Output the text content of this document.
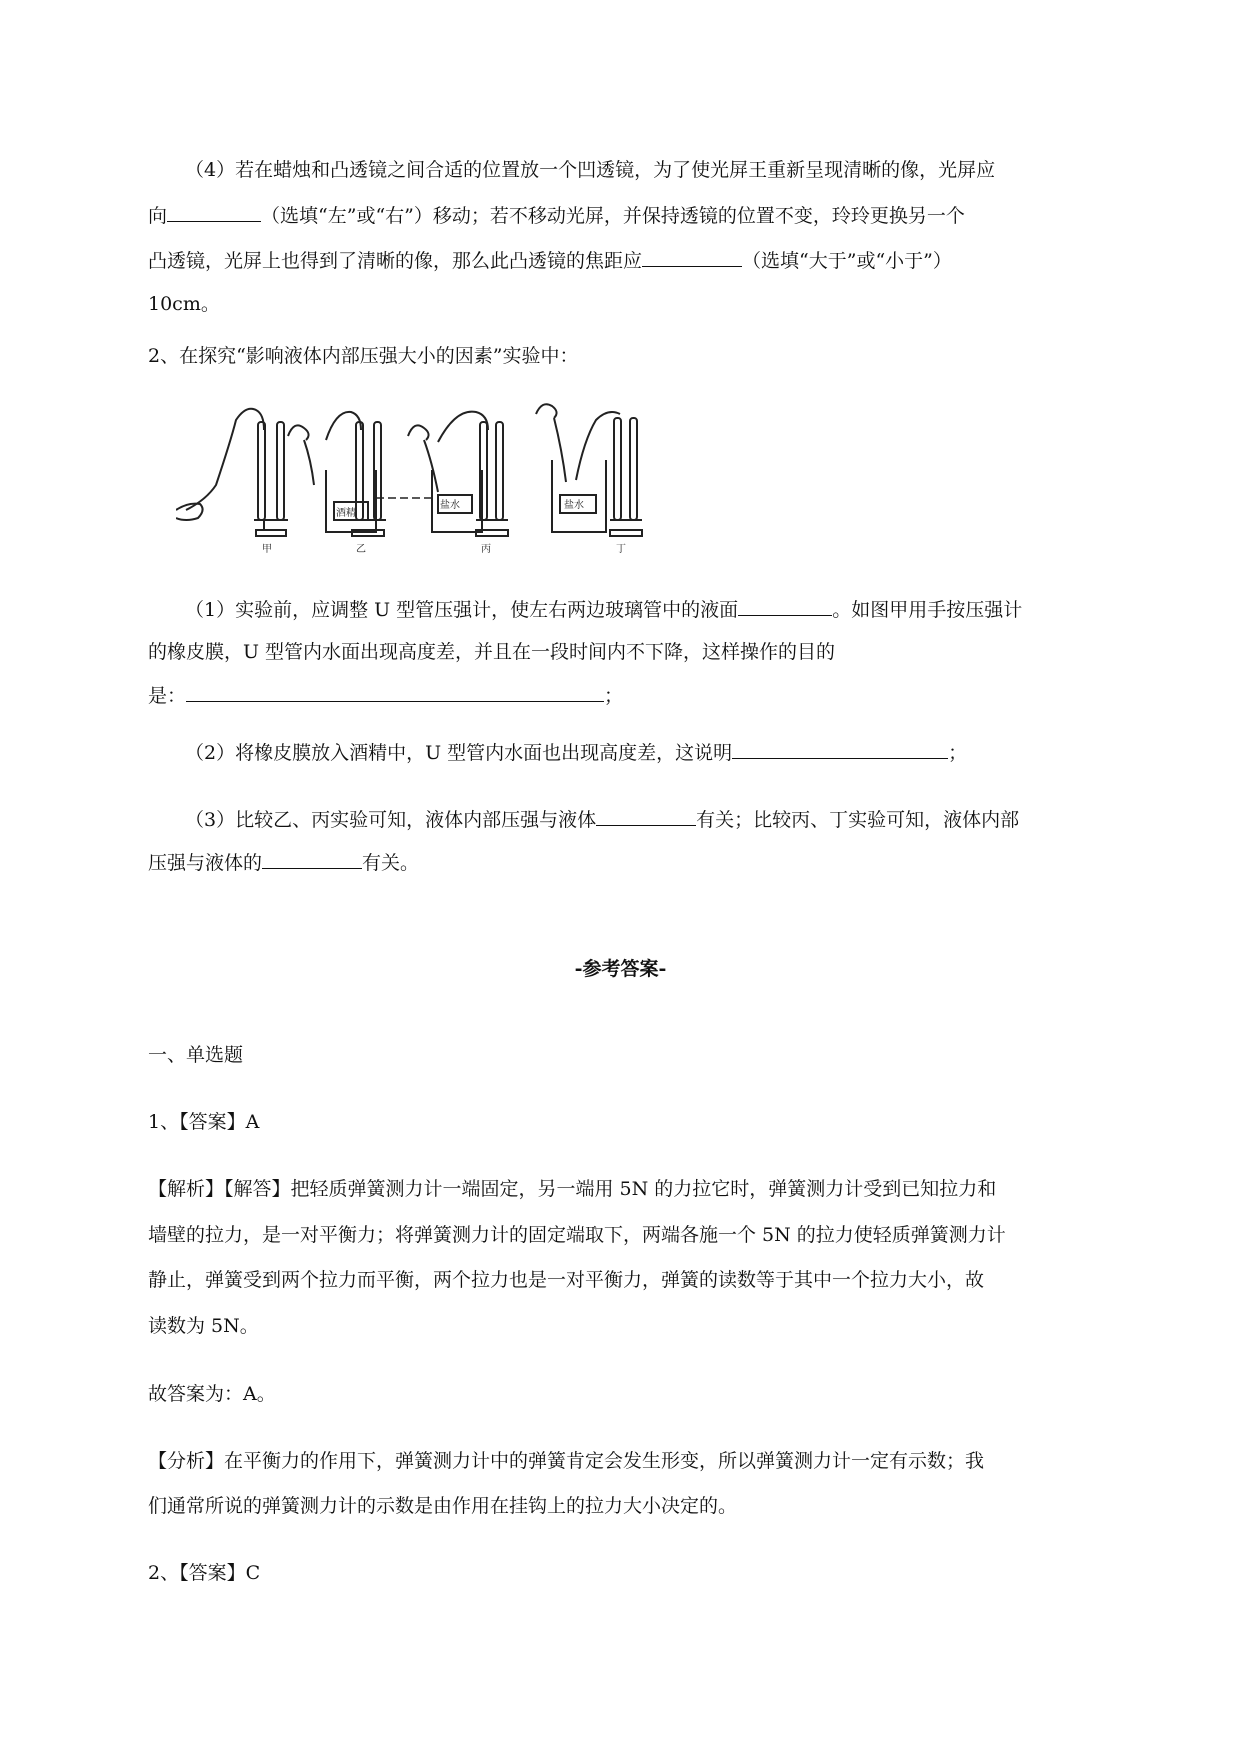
（4）若在蜡烛和凸透镜之间合适的位置放一个凹透镜，为了使光屏王重新呈现清晰的像，光屏应
向	（选填“左”或“右”）移动；若不移动光屏，并保持透镜的位置不变，玲玲更换另一个
凸透镜，光屏上也得到了清晰的像，那么此凸透镜的焦距应	（选填“大于”或“小于”）
10cm。
2、在探究“影响液体内部压强大小的因素”实验中：
酒精
盐水	盐水
甲	乙	丙	丁
（1）实验前，应调整 U 型管压强计，使左右两边玻璃管中的液面	。如图甲用手按压强计
的橡皮膜，U 型管内水面出现高度差，并且在一段时间内不下降，这样操作的目的
是：	；
（2）将橡皮膜放入酒精中，U 型管内水面也出现高度差，这说明	；
（3）比较乙、丙实验可知，液体内部压强与液体	有关；比较丙、丁实验可知，液体内部
压强与液体的	有关。
-参考答案-
一、单选题
1、【答案】A
【解析】【解答】把轻质弹簧测力计一端固定，另一端用 5N 的力拉它时，弹簧测力计受到已知拉力和
墙壁的拉力，是一对平衡力；将弹簧测力计的固定端取下，两端各施一个 5N 的拉力使轻质弹簧测力计
静止，弹簧受到两个拉力而平衡，两个拉力也是一对平衡力，弹簧的读数等于其中一个拉力大小，故
读数为 5N。
故答案为：A。
【分析】在平衡力的作用下，弹簧测力计中的弹簧肯定会发生形变，所以弹簧测力计一定有示数；我
们通常所说的弹簧测力计的示数是由作用在挂钩上的拉力大小决定的。
2、【答案】C
